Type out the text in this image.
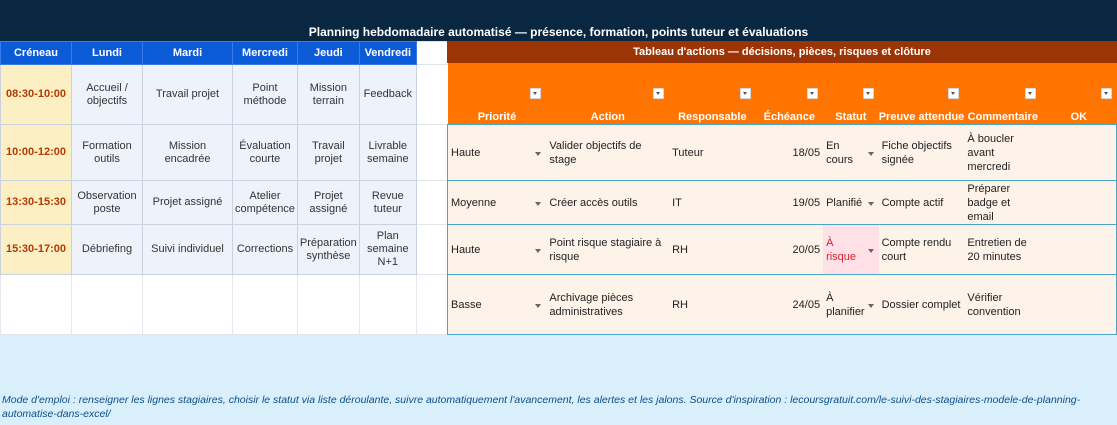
Planning hebdomadaire automatisé — présence, formation, points tuteur et évaluations
Créneau	Lundi	Mardi	Mercredi	Jeudi	Vendredi	
08:30-10:00	Accueil / objectifs	Travail projet	Point méthode	Mission terrain	Feedback	
10:00-12:00	Formation outils	Mission encadrée	Évaluation courte	Travail projet	Livrable semaine	
13:30-15:30	Observation poste	Projet assigné	Atelier compétence	Projet assigné	Revue tuteur	
15:30-17:00	Débriefing	Suivi individuel	Corrections	Préparation synthèse	Plan semaine N+1	

Tableau d'actions — décisions, pièces, risques et clôture
Priorité	Action	Responsable	Échéance	Statut	Preuve attendue	Commentaire	OK

Haute	Valider objectifs de stage	Tuteur	18/05	En cours	Fiche objectifs signée	À boucler avant mercredi	
Moyenne	Créer accès outils	IT	19/05	Planifié	Compte actif	Préparer badge et email	
Haute	Point risque stagiaire à risque	RH	20/05	À risque	Compte rendu court	Entretien de 20 minutes	
Basse	Archivage pièces administratives	RH	24/05	À planifier	Dossier complet	Vérifier convention	
Mode d'emploi : renseigner les lignes stagiaires, choisir le statut via liste déroulante, suivre automatiquement l'avancement, les alertes et les jalons. Source d'inspiration : lecoursgratuit.com/le-suivi-des-stagiaires-modele-de-planning-automatise-dans-excel/
